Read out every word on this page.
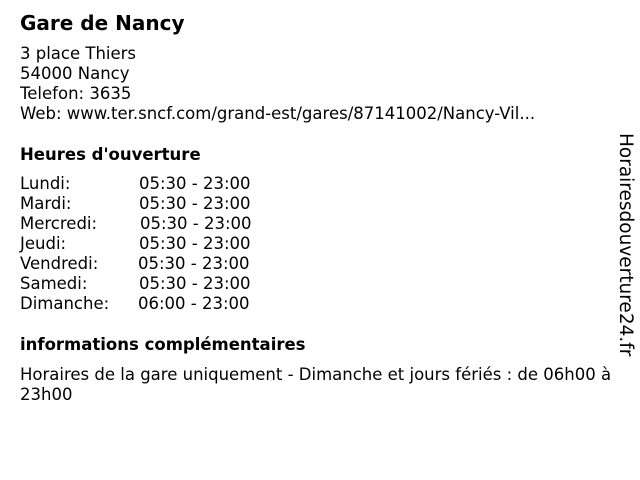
Gare de Nancy
3 place Thiers
54000 Nancy
Telefon: 3635
Web: www.ter.sncf.com/grand-est/gares/87141002/Nancy-Vil...
Heures d'ouverture
Lundi:	05:30 - 23:00
Mardi:	05:30 - 23:00
Mercredi:	05:30 - 23:00
Jeudi:	05:30 - 23:00
Vendredi: 05:30 - 23:00
Samedi:	05:30 - 23:00
Dimanche: 06:00 - 23:00
informations complémentaires
Horaires de la gare uniquement - Dimanche et jours fériés : de 06h00 à 23h00
Horairesdouverture24.fr
